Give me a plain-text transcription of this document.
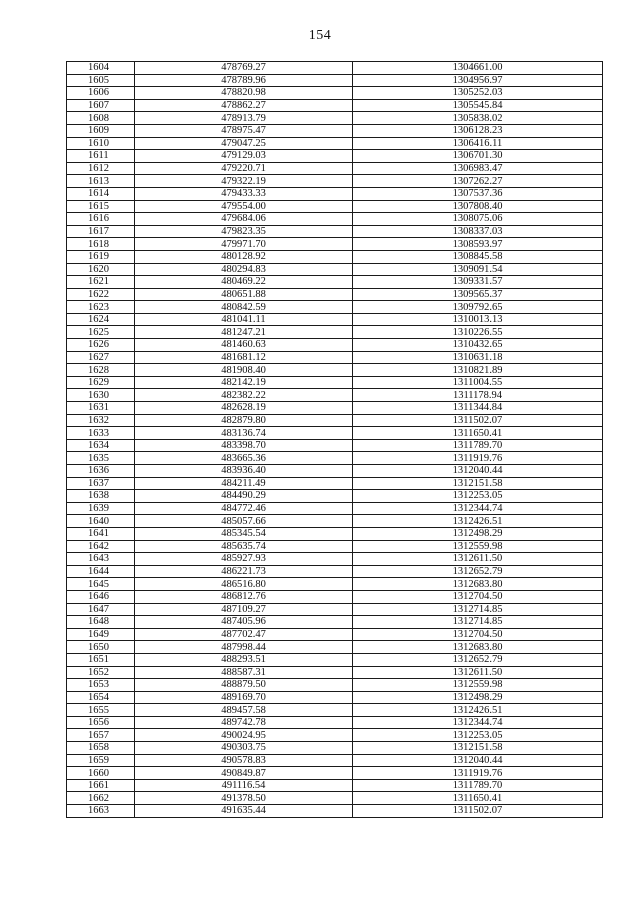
154
1604	478769.27	1304661.00
1605	478789.96	1304956.97
1606	478820.98	1305252.03
1607	478862.27	1305545.84
1608	478913.79	1305838.02
1609	478975.47	1306128.23
1610	479047.25	1306416.11
1611	479129.03	1306701.30
1612	479220.71	1306983.47
1613	479322.19	1307262.27
1614	479433.33	1307537.36
1615	479554.00	1307808.40
1616	479684.06	1308075.06
1617	479823.35	1308337.03
1618	479971.70	1308593.97
1619	480128.92	1308845.58
1620	480294.83	1309091.54
1621	480469.22	1309331.57
1622	480651.88	1309565.37
1623	480842.59	1309792.65
1624	481041.11	1310013.13
1625	481247.21	1310226.55
1626	481460.63	1310432.65
1627	481681.12	1310631.18
1628	481908.40	1310821.89
1629	482142.19	1311004.55
1630	482382.22	1311178.94
1631	482628.19	1311344.84
1632	482879.80	1311502.07
1633	483136.74	1311650.41
1634	483398.70	1311789.70
1635	483665.36	1311919.76
1636	483936.40	1312040.44
1637	484211.49	1312151.58
1638	484490.29	1312253.05
1639	484772.46	1312344.74
1640	485057.66	1312426.51
1641	485345.54	1312498.29
1642	485635.74	1312559.98
1643	485927.93	1312611.50
1644	486221.73	1312652.79
1645	486516.80	1312683.80
1646	486812.76	1312704.50
1647	487109.27	1312714.85
1648	487405.96	1312714.85
1649	487702.47	1312704.50
1650	487998.44	1312683.80
1651	488293.51	1312652.79
1652	488587.31	1312611.50
1653	488879.50	1312559.98
1654	489169.70	1312498.29
1655	489457.58	1312426.51
1656	489742.78	1312344.74
1657	490024.95	1312253.05
1658	490303.75	1312151.58
1659	490578.83	1312040.44
1660	490849.87	1311919.76
1661	491116.54	1311789.70
1662	491378.50	1311650.41
1663	491635.44	1311502.07
